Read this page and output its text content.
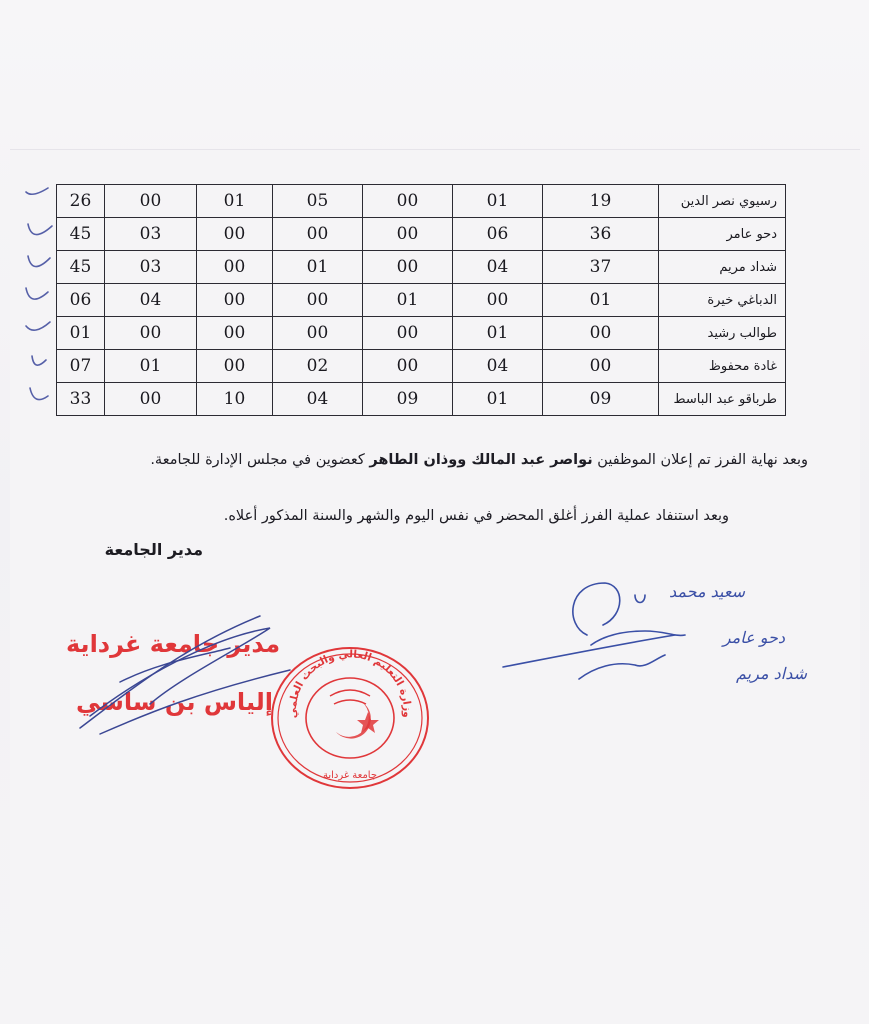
26	00	01	05	00	01	19	رسيوي نصر الدين
45	03	00	00	00	06	36	دحو عامر
45	03	00	01	00	04	37	شداد مريم
06	04	00	00	01	00	01	الدباغي خيرة
01	00	00	00	00	01	00	طوالب رشيد
07	01	00	02	00	04	00	غادة محفوظ
33	00	10	04	09	01	09	طرباقو عبد الباسط
وبعد نهاية الفرز تم إعلان الموظفين نواصر عبد المالك ووذان الطاهر كعضوين في مجلس الإدارة للجامعة.
وبعد استنفاد عملية الفرز أغلق المحضر في نفس اليوم والشهر والسنة المذكور أعلاه.
مدير الجامعة
مدير جامعة غرداية
إلياس بن ساسي وزارة التعليم العالي والبحث العلمي
جامعة غرداية
سعيد محمد
دحو عامر
شداد مريم
